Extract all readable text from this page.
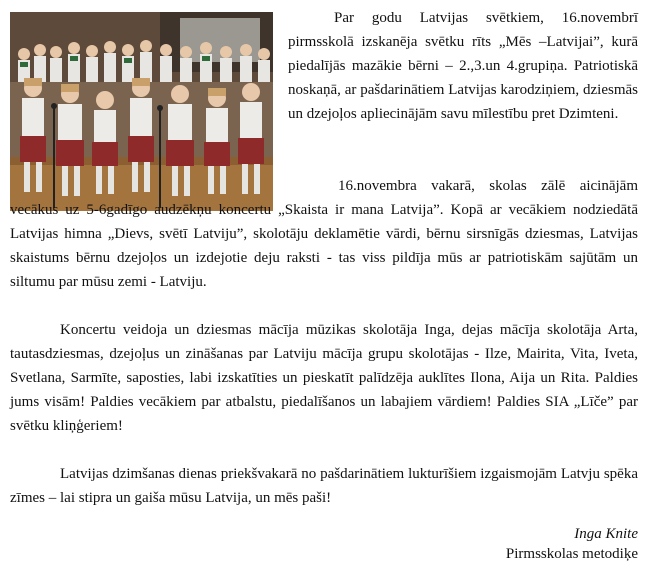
Par godu Latvijas svētkiem, 16.novembrī pirmsskolā izskanēja svētku rīts „Mēs –Latvijai”, kurā piedalījās mazākie bērni – 2.,3.un 4.grupiņa. Patriotiskā noskaņā, ar pašdarinātiem Latvijas karodziņiem, dziesmās un dzejoļos apliecinājām savu mīlestību pret Dzimteni.

16.novembra vakarā, skolas zālē aicinājām vecākus uz 5-6gadīgo audzēkņu koncertu „Skaista ir mana Latvija”. Kopā ar vecākiem nodziedātā Latvijas himna „Dievs, svētī Latviju”, skolotāju deklamētie vārdi, bērnu sirsnīgās dziesmas, Latvijas skaistums bērnu dzejoļos un izdejotie deju raksti - tas viss pildīja mūs ar patriotiskām sajūtām un siltumu par mūsu zemi - Latviju.

Koncertu veidoja un dziesmas mācīja mūzikas skolotāja Inga, dejas mācīja skolotāja Arta, tautasdziesmas, dzejoļus un zināšanas par Latviju mācīja grupu skolotājas - Ilze, Mairita, Vita, Iveta, Svetlana, Sarmīte, saposties, labi izskatīties un pieskatīt palīdzēja auklītes Ilona, Aija un Rita. Paldies jums visām! Paldies vecākiem par atbalstu, piedalīšanos un labajiem vārdiem! Paldies SIA „Līče” par svētku kliņģeriem!

Latvijas dzimšanas dienas priekšvakarā no pašdarinātiem lukturīšiem izgaismojām Latvju spēka zīmes – lai stipra un gaiša mūsu Latvija, un mēs paši!

Inga Knite
Pirmsskolas metodiķe
